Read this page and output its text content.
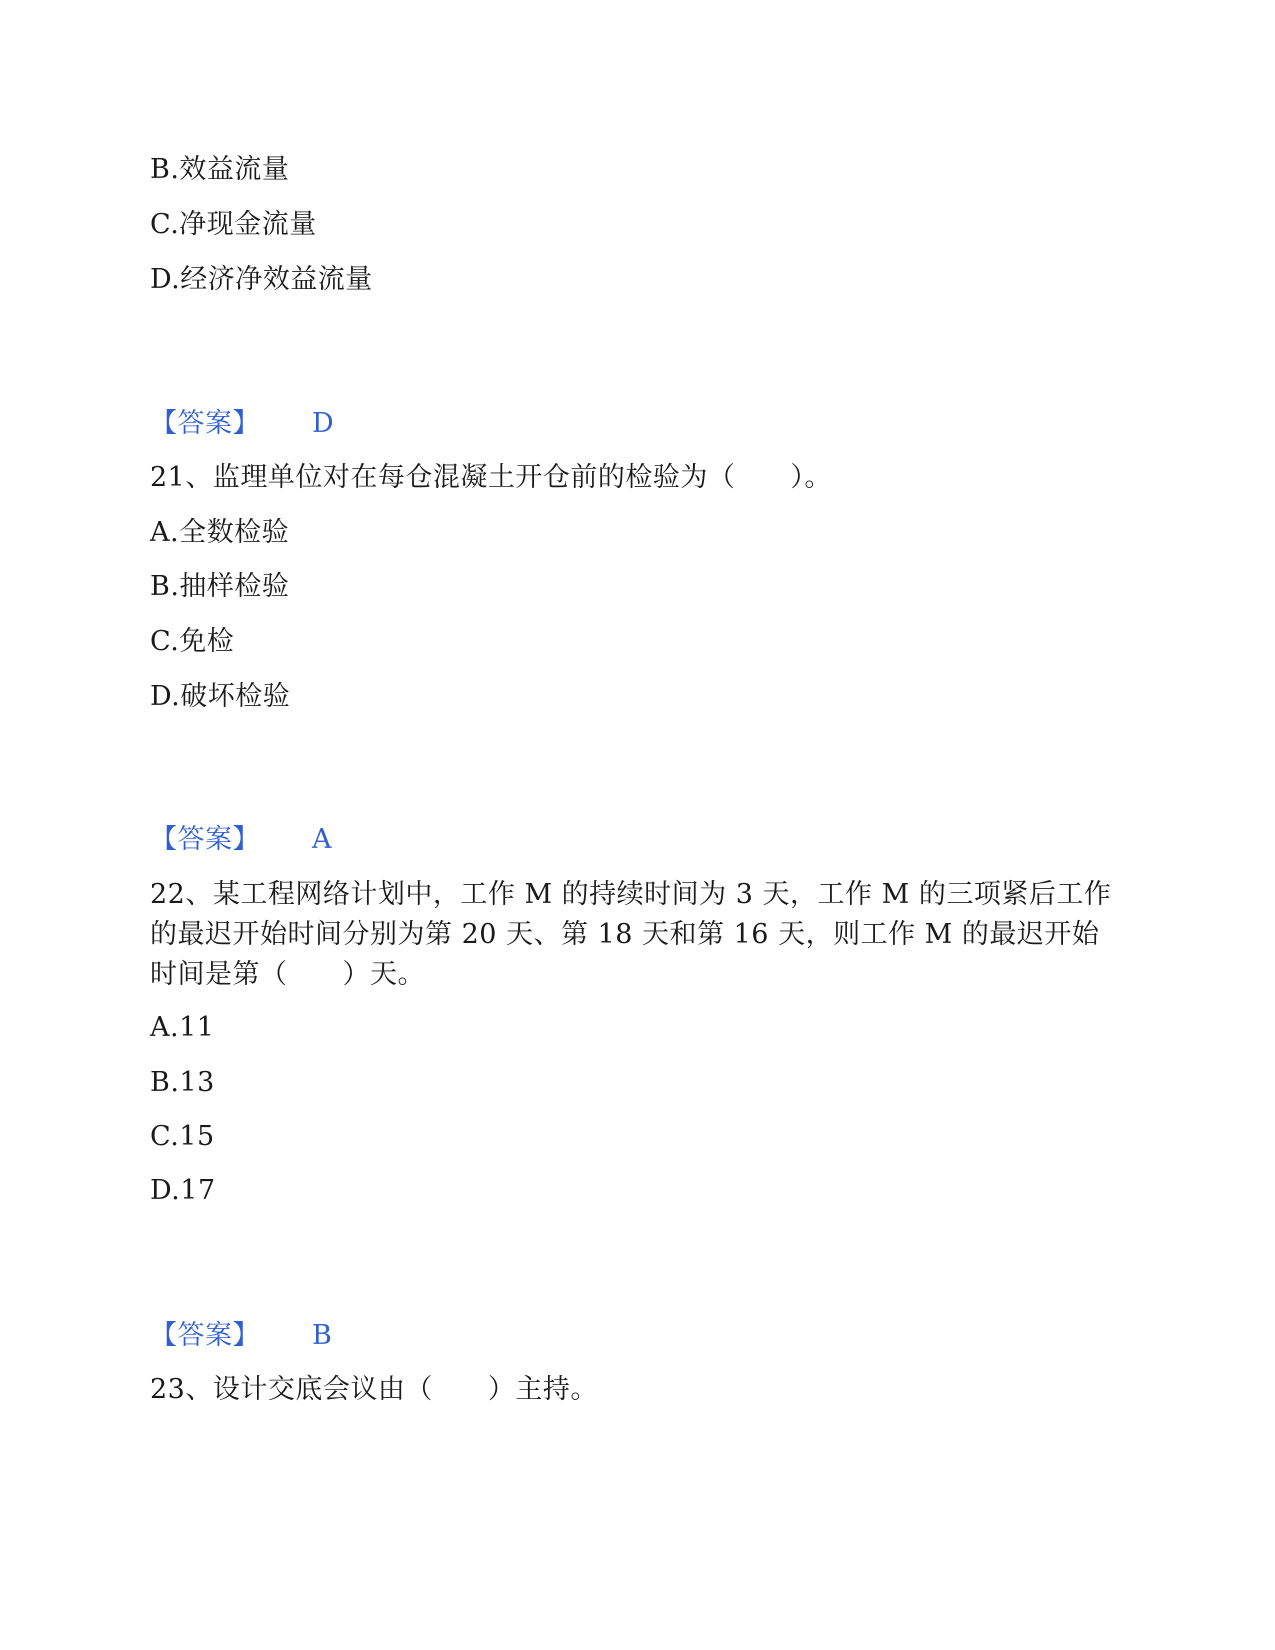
B.效益流量
C.净现金流量
D.经济净效益流量
【答案】 D
21、监理单位对在每仓混凝土开仓前的检验为（　　）。
A.全数检验
B.抽样检验
C.免检
D.破坏检验
【答案】 A
22、某工程网络计划中，工作 M 的持续时间为 3 天，工作 M 的三项紧后工作
的最迟开始时间分别为第 20 天、第 18 天和第 16 天，则工作 M 的最迟开始
时间是第（　　）天。
A.11
B.13
C.15
D.17
【答案】 B
23、设计交底会议由（　　）主持。
